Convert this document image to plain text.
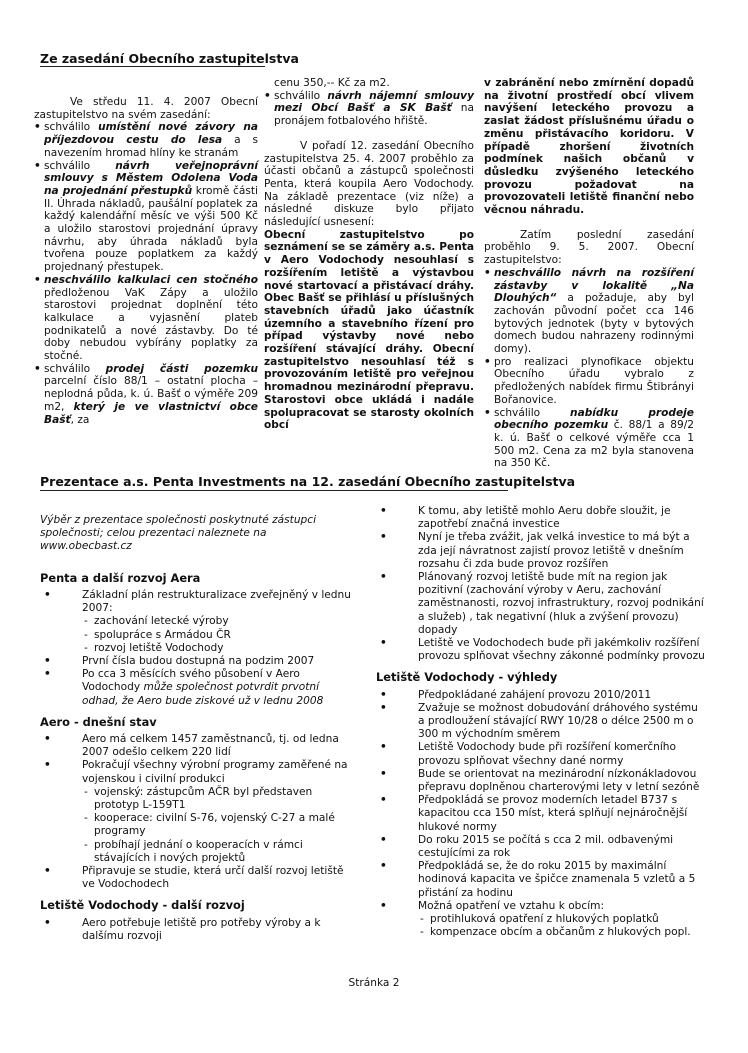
Ze zasedání Obecního zastupitelstva

Ve středu 11. 4. 2007 Obecní zastupitelstvo na svém zasedání:

• schválilo umístění nové závory na příjezdovou cestu do lesa a s navezením hromad hlíny ke stranám
• schválilo návrh veřejnoprávní smlouvy s Městem Odolena Voda na projednání přestupků kromě části II. Úhrada nákladů, paušální poplatek za každý kalendářní měsíc ve výši 500 Kč a uložilo starostovi projednání úpravy návrhu, aby úhrada nákladů byla tvořena pouze poplatkem za každý projednaný přestupek.
• neschválilo kalkulaci cen stočného předloženou VaK Zápy a uložilo starostovi projednat doplnění této kalkulace a vyjasnění plateb podnikatelů a nové zástavby. Do té doby nebudou vybírány poplatky za stočné.
• schválilo prodej části pozemku parcelní číslo 88/1 – ostatní plocha – neplodná půda, k. ú. Bašť o výměře 209 m2, který je ve vlastnictví obce Bašť, za

cenu 350,-- Kč za m2.

• schválilo návrh nájemní smlouvy mezi Obcí Bašť a SK Bašť na pronájem fotbalového hřiště.

V pořadí 12. zasedání Obecního zastupitelstva 25. 4. 2007 proběhlo za účasti občanů a zástupců společnosti Penta, která koupila Aero Vodochody. Na základě prezentace (viz níže) a následné diskuze bylo přijato následující usnesení:

Obecní zastupitelstvo po seznámení se se záměry a.s. Penta v Aero Vodochody nesouhlasí s rozšířením letiště a výstavbou nové startovací a přistávací dráhy. Obec Bašť se přihlásí u příslušných stavebních úřadů jako účastník územního a stavebního řízení pro případ výstavby nové nebo rozšíření stávající dráhy. Obecní zastupitelstvo nesouhlasí též s provozováním letiště pro veřejnou hromadnou mezinárodní přepravu. Starostovi obce ukládá i nadále spolupracovat se starosty okolních obcí

v zabránění nebo zmírnění dopadů na životní prostředí obcí vlivem navýšení leteckého provozu a zaslat žádost příslušnému úřadu o změnu přistávacího koridoru. V případě zhoršení životních podmínek našich občanů v důsledku zvýšeného leteckého provozu požadovat na provozovateli letiště finanční nebo věcnou náhradu.

Zatím poslední zasedání proběhlo 9. 5. 2007. Obecní zastupitelstvo:

• neschválilo návrh na rozšíření zástavby v lokalitě „Na Dlouhých“ a požaduje, aby byl zachován původní počet cca 146 bytových jednotek (byty v bytových domech budou nahrazeny rodinnými domy).
• pro realizaci plynofikace objektu Obecního úřadu vybralo z předložených nabídek firmu Štibrányi Bořanovice.
• schválilo nabídku prodeje obecního pozemku č. 88/1 a 89/2 k. ú. Bašť o celkové výměře cca 1 500 m2. Cena za m2 byla stanovena na 350 Kč.
Prezentace a.s. Penta Investments na 12. zasedání Obecního zastupitelstva

Výběr z prezentace společnosti poskytnuté zástupci společnosti; celou prezentaci naleznete na www.obecbast.cz

Penta a další rozvoj Aera

• Základní plán restrukturalizace zveřejněný v lednu 2007:
- zachování letecké výroby
- spolupráce s Armádou ČR
- rozvoj letiště Vodochody
• První čísla budou dostupná na podzim 2007
• Po cca 3 měsících svého působení v Aero Vodochody může společnost potvrdit prvotní odhad, že Aero bude ziskové už v lednu 2008

Aero - dnešní stav

• Aero má celkem 1457 zaměstnanců, tj. od ledna 2007 odešlo celkem 220 lidí
• Pokračují všechny výrobní programy zaměřené na vojenskou i civilní produkci
- vojenský: zástupcům AČR byl představen prototyp L-159T1
- kooperace: civilní S-76, vojenský C-27 a malé programy
- probíhají jednání o kooperacích v rámci stávajících i nových projektů
• Připravuje se studie, která určí další rozvoj letiště ve Vodochodech

Letiště Vodochody - další rozvoj

• Aero potřebuje letiště pro potřeby výroby a k dalšímu rozvoji
• K tomu, aby letiště mohlo Aeru dobře sloužit, je zapotřebí značná investice
• Nyní je třeba zvážit, jak velká investice to má být a zda její návratnost zajistí provoz letiště v dnešním rozsahu či zda bude provoz rozšířen
• Plánovaný rozvoj letiště bude mít na region jak pozitivní (zachování výroby v Aeru, zachování zaměstnanosti, rozvoj infrastruktury, rozvoj podnikání a služeb) , tak negativní (hluk a zvýšení provozu) dopady
• Letiště ve Vodochodech bude při jakémkoliv rozšíření provozu splňovat všechny zákonné podmínky provozu

Letiště Vodochody - výhledy

• Předpokládané zahájení provozu 2010/2011
• Zvažuje se možnost dobudování dráhového systému a prodloužení stávající RWY 10/28 o délce 2500 m o 300 m východním směrem
• Letiště Vodochody bude při rozšíření komerčního provozu splňovat všechny dané normy
• Bude se orientovat na mezinárodní nízkonákladovou přepravu doplněnou charterovými lety v letní sezóně
• Předpokládá se provoz moderních letadel B737 s kapacitou cca 150 míst, která splňují nejnáročnější hlukové normy
• Do roku 2015 se počítá s cca 2 mil. odbavenými cestujícími za rok
• Předpokládá se, že do roku 2015 by maximální hodinová kapacita ve špičce znamenala 5 vzletů a 5 přistání za hodinu
• Možná opatření ve vztahu k obcím:
- protihluková opatření z hlukových poplatků
- kompenzace obcím a občanům z hlukových popl.
Stránka 2
